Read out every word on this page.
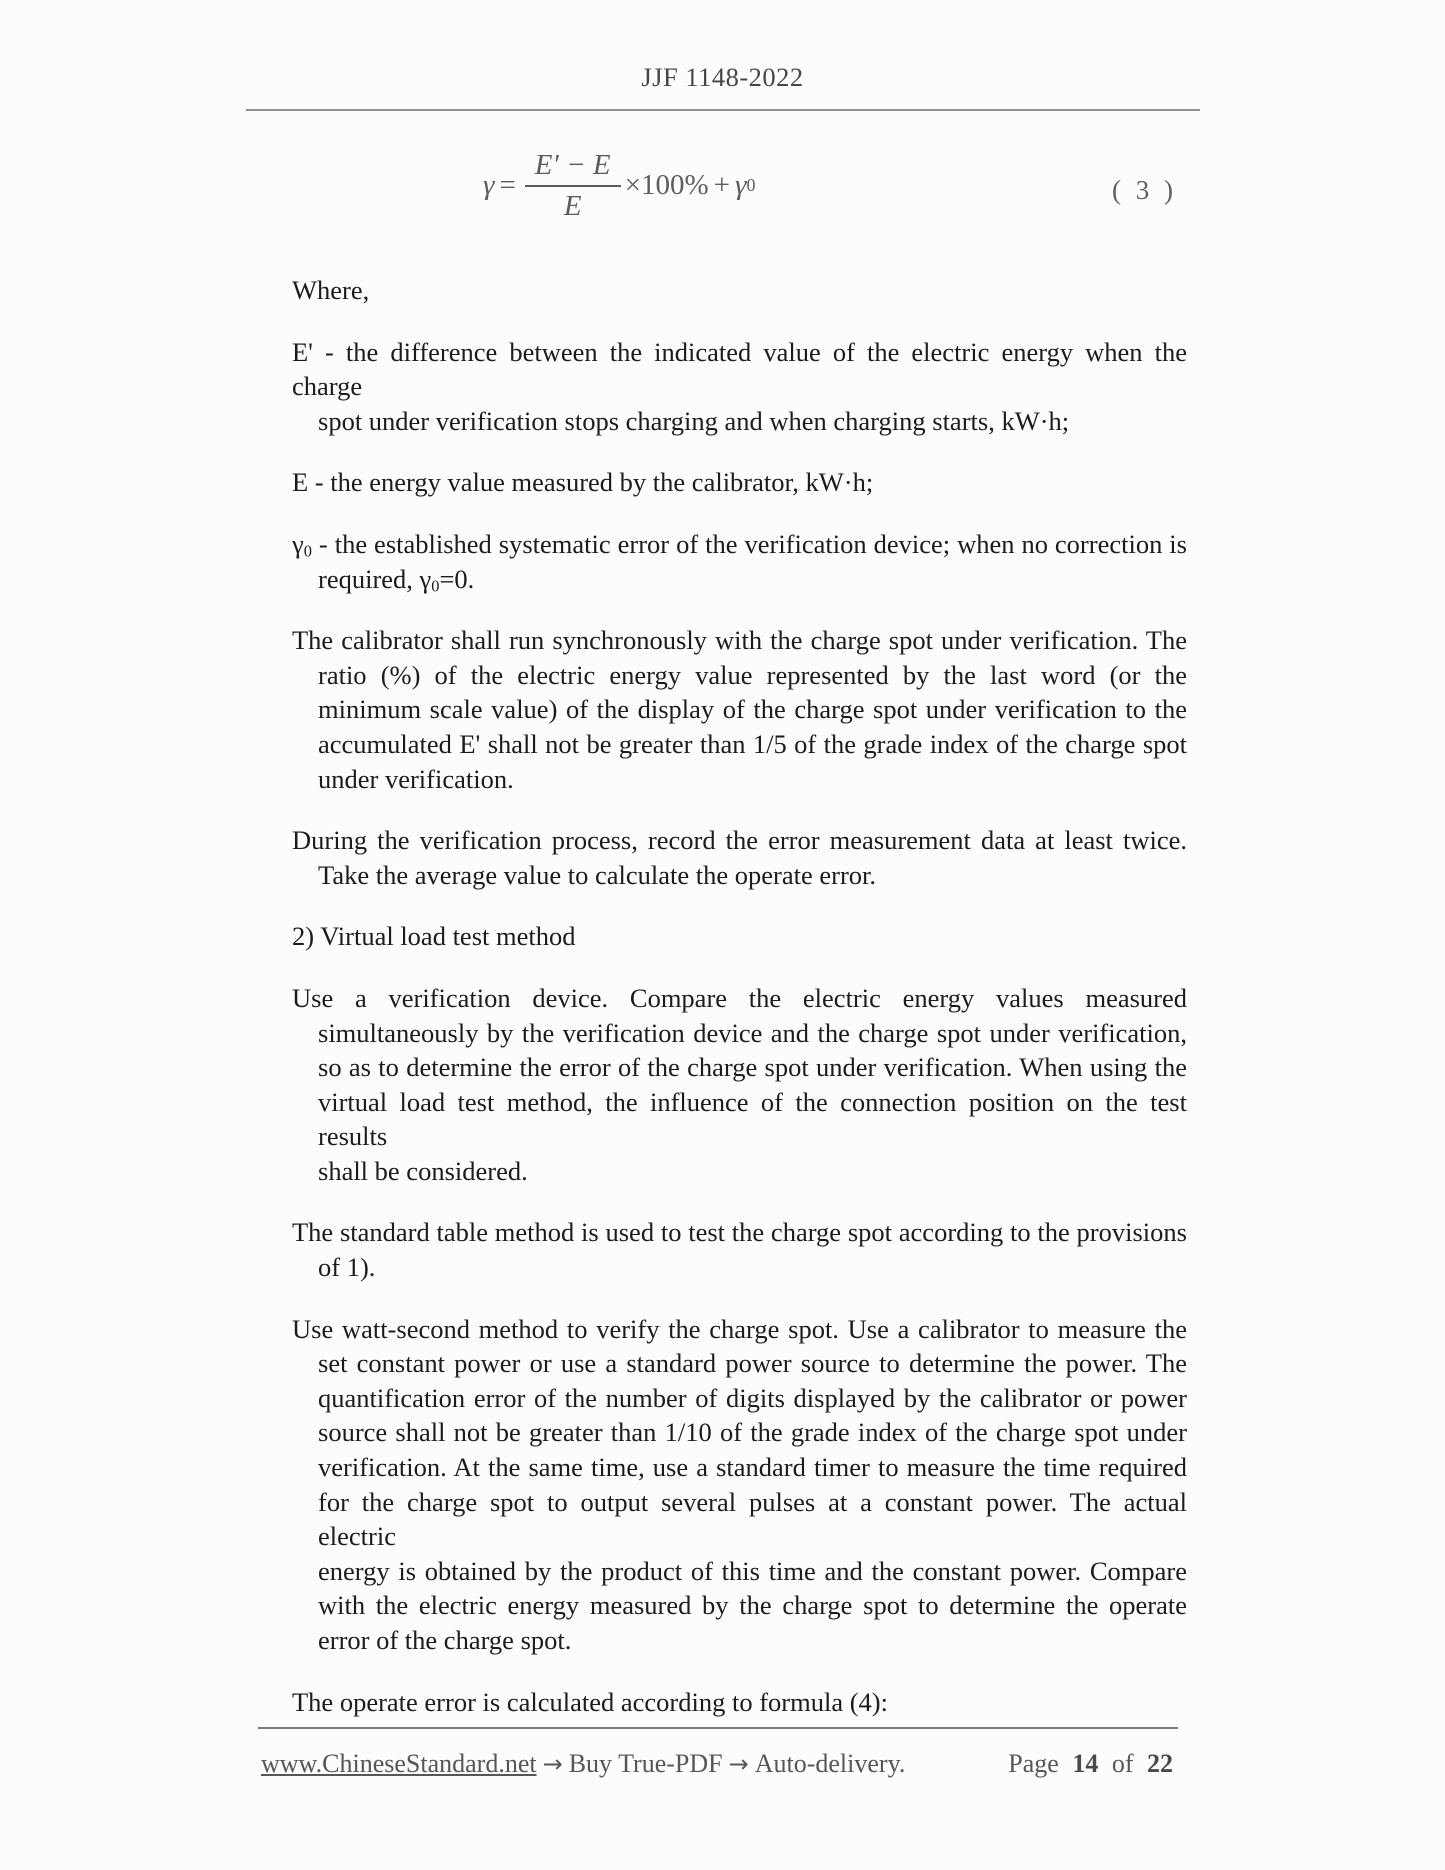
JJF 1148-2022
$\gamma = \frac{E' - E}{E} \times 100\% + \gamma$ 0	( 3 )

Where,

E' - the difference between the indicated value of the electric energy when the charge
spot under verification stops charging and when charging starts, kW·h;

E - the energy value measured by the calibrator, kW·h;

$\gamma_0$ - the established systematic error of the verification device; when no correction is
required, $\gamma_0=0$.

The calibrator shall run synchronously with the charge spot under verification. The
ratio (%) of the electric energy value represented by the last word (or the
minimum scale value) of the display of the charge spot under verification to the
accumulated E' shall not be greater than 1/5 of the grade index of the charge spot
under verification.

During the verification process, record the error measurement data at least twice.
Take the average value to calculate the operate error.

2) Virtual load test method

Use a verification device. Compare the electric energy values measured
simultaneously by the verification device and the charge spot under verification,
so as to determine the error of the charge spot under verification. When using the
virtual load test method, the influence of the connection position on the test results
shall be considered.

The standard table method is used to test the charge spot according to the provisions
of 1).

Use watt-second method to verify the charge spot. Use a calibrator to measure the
set constant power or use a standard power source to determine the power. The
quantification error of the number of digits displayed by the calibrator or power
source shall not be greater than 1/10 of the grade index of the charge spot under
verification. At the same time, use a standard timer to measure the time required
for the charge spot to output several pulses at a constant power. The actual electric
energy is obtained by the product of this time and the constant power. Compare
with the electric energy measured by the charge spot to determine the operate
error of the charge spot.

The operate error is calculated according to formula (4):

www.ChineseStandard.net → Buy True-PDF → Auto-delivery.	Page 14 of 22
